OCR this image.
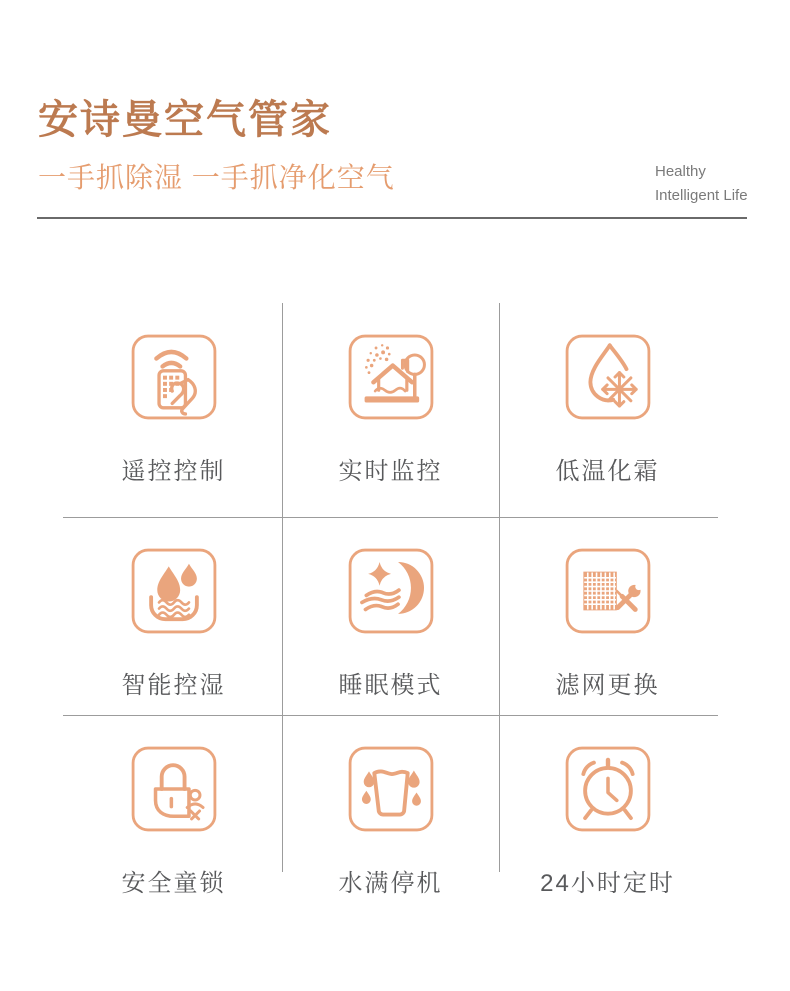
安诗曼空气管家
一手抓除湿 一手抓净化空气	Healthy
Intelligent Life
遥控控制	实时监控	低温化霜
智能控湿	睡眠模式	滤网更换
安全童锁	水满停机	24小时定时
